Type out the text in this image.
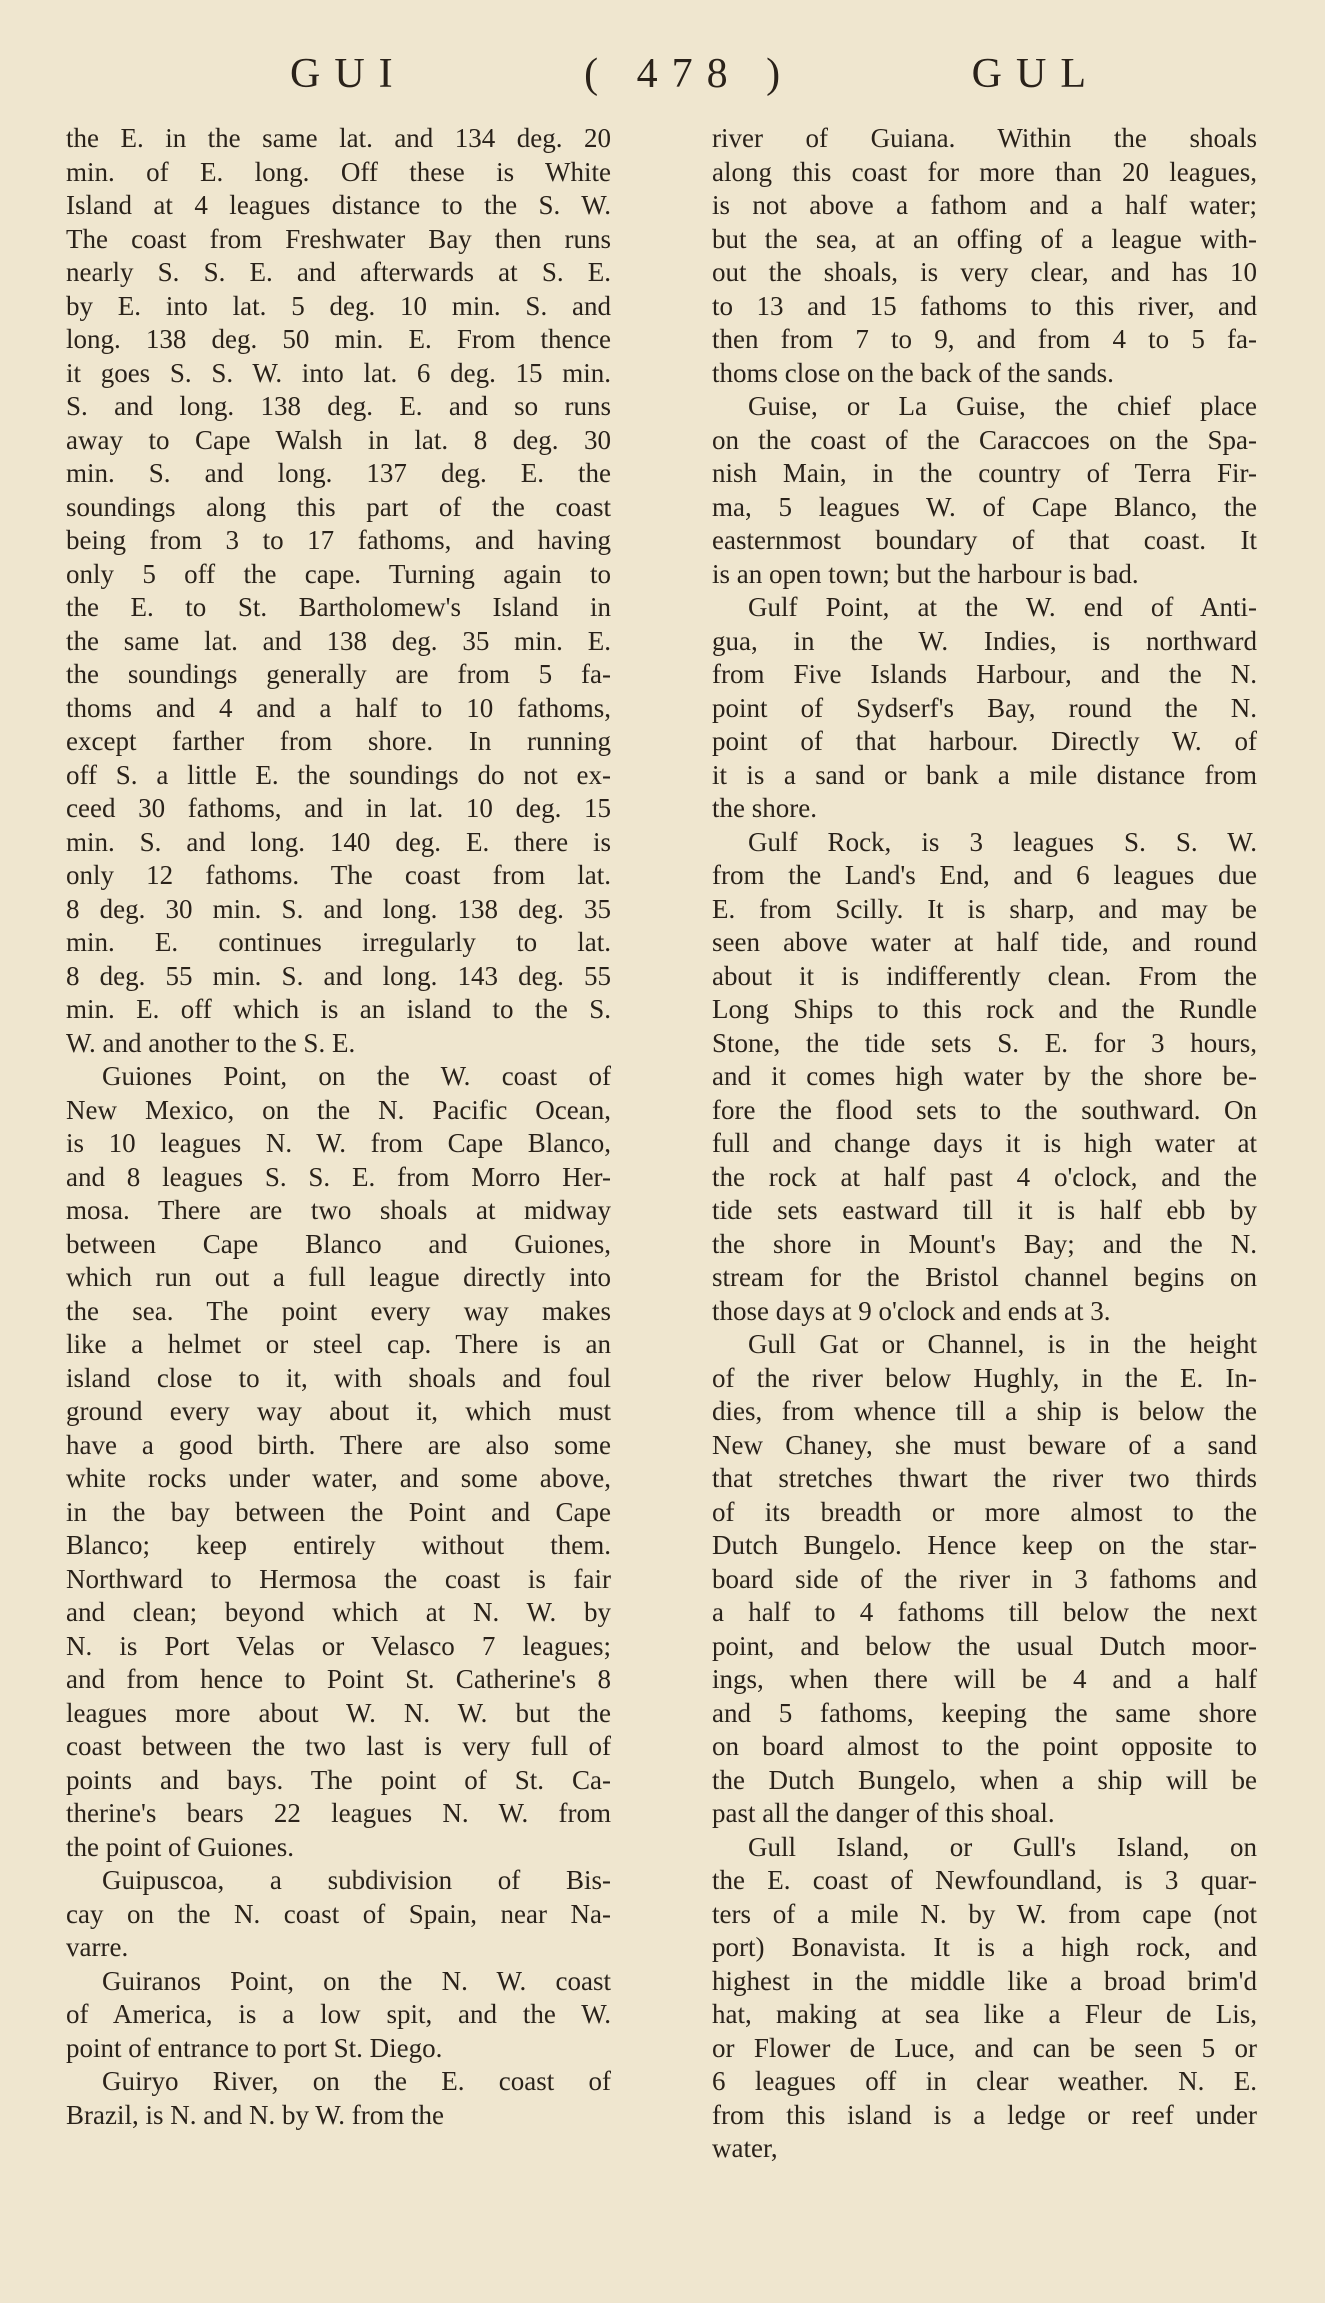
GUI	( 478 )	GUL
the E. in the same lat. and 134 deg. 20
min. of E. long. Off these is White
Island at 4 leagues distance to the S. W.
The coast from Freshwater Bay then runs
nearly S. S. E. and afterwards at S. E.
by E. into lat. 5 deg. 10 min. S. and
long. 138 deg. 50 min. E. From thence
it goes S. S. W. into lat. 6 deg. 15 min.
S. and long. 138 deg. E. and so runs
away to Cape Walsh in lat. 8 deg. 30
min. S. and long. 137 deg. E. the
soundings along this part of the coast
being from 3 to 17 fathoms, and having
only 5 off the cape. Turning again to
the E. to St. Bartholomew's Island in
the same lat. and 138 deg. 35 min. E.
the soundings generally are from 5 fa-
thoms and 4 and a half to 10 fathoms,
except farther from shore. In running
off S. a little E. the soundings do not ex-
ceed 30 fathoms, and in lat. 10 deg. 15
min. S. and long. 140 deg. E. there is
only 12 fathoms. The coast from lat.
8 deg. 30 min. S. and long. 138 deg. 35
min. E. continues irregularly to lat.
8 deg. 55 min. S. and long. 143 deg. 55
min. E. off which is an island to the S.
W. and another to the S. E.
Guiones Point, on the W. coast of
New Mexico, on the N. Pacific Ocean,
is 10 leagues N. W. from Cape Blanco,
and 8 leagues S. S. E. from Morro Her-
mosa. There are two shoals at midway
between Cape Blanco and Guiones,
which run out a full league directly into
the sea. The point every way makes
like a helmet or steel cap. There is an
island close to it, with shoals and foul
ground every way about it, which must
have a good birth. There are also some
white rocks under water, and some above,
in the bay between the Point and Cape
Blanco; keep entirely without them.
Northward to Hermosa the coast is fair
and clean; beyond which at N. W. by
N. is Port Velas or Velasco 7 leagues;
and from hence to Point St. Catherine's 8
leagues more about W. N. W. but the
coast between the two last is very full of
points and bays. The point of St. Ca-
therine's bears 22 leagues N. W. from
the point of Guiones.
Guipuscoa, a subdivision of Bis-
cay on the N. coast of Spain, near Na-
varre.
Guiranos Point, on the N. W. coast
of America, is a low spit, and the W.
point of entrance to port St. Diego.
Guiryo River, on the E. coast of
Brazil, is N. and N. by W. from the
river of Guiana. Within the shoals
along this coast for more than 20 leagues,
is not above a fathom and a half water;
but the sea, at an offing of a league with-
out the shoals, is very clear, and has 10
to 13 and 15 fathoms to this river, and
then from 7 to 9, and from 4 to 5 fa-
thoms close on the back of the sands.
Guise, or La Guise, the chief place
on the coast of the Caraccoes on the Spa-
nish Main, in the country of Terra Fir-
ma, 5 leagues W. of Cape Blanco, the
easternmost boundary of that coast. It
is an open town; but the harbour is bad.
Gulf Point, at the W. end of Anti-
gua, in the W. Indies, is northward
from Five Islands Harbour, and the N.
point of Sydserf's Bay, round the N.
point of that harbour. Directly W. of
it is a sand or bank a mile distance from
the shore.
Gulf Rock, is 3 leagues S. S. W.
from the Land's End, and 6 leagues due
E. from Scilly. It is sharp, and may be
seen above water at half tide, and round
about it is indifferently clean. From the
Long Ships to this rock and the Rundle
Stone, the tide sets S. E. for 3 hours,
and it comes high water by the shore be-
fore the flood sets to the southward. On
full and change days it is high water at
the rock at half past 4 o'clock, and the
tide sets eastward till it is half ebb by
the shore in Mount's Bay; and the N.
stream for the Bristol channel begins on
those days at 9 o'clock and ends at 3.
Gull Gat or Channel, is in the height
of the river below Hughly, in the E. In-
dies, from whence till a ship is below the
New Chaney, she must beware of a sand
that stretches thwart the river two thirds
of its breadth or more almost to the
Dutch Bungelo. Hence keep on the star-
board side of the river in 3 fathoms and
a half to 4 fathoms till below the next
point, and below the usual Dutch moor-
ings, when there will be 4 and a half
and 5 fathoms, keeping the same shore
on board almost to the point opposite to
the Dutch Bungelo, when a ship will be
past all the danger of this shoal.
Gull Island, or Gull's Island, on
the E. coast of Newfoundland, is 3 quar-
ters of a mile N. by W. from cape (not
port) Bonavista. It is a high rock, and
highest in the middle like a broad brim'd
hat, making at sea like a Fleur de Lis,
or Flower de Luce, and can be seen 5 or
6 leagues off in clear weather. N. E.
from this island is a ledge or reef under
water,
